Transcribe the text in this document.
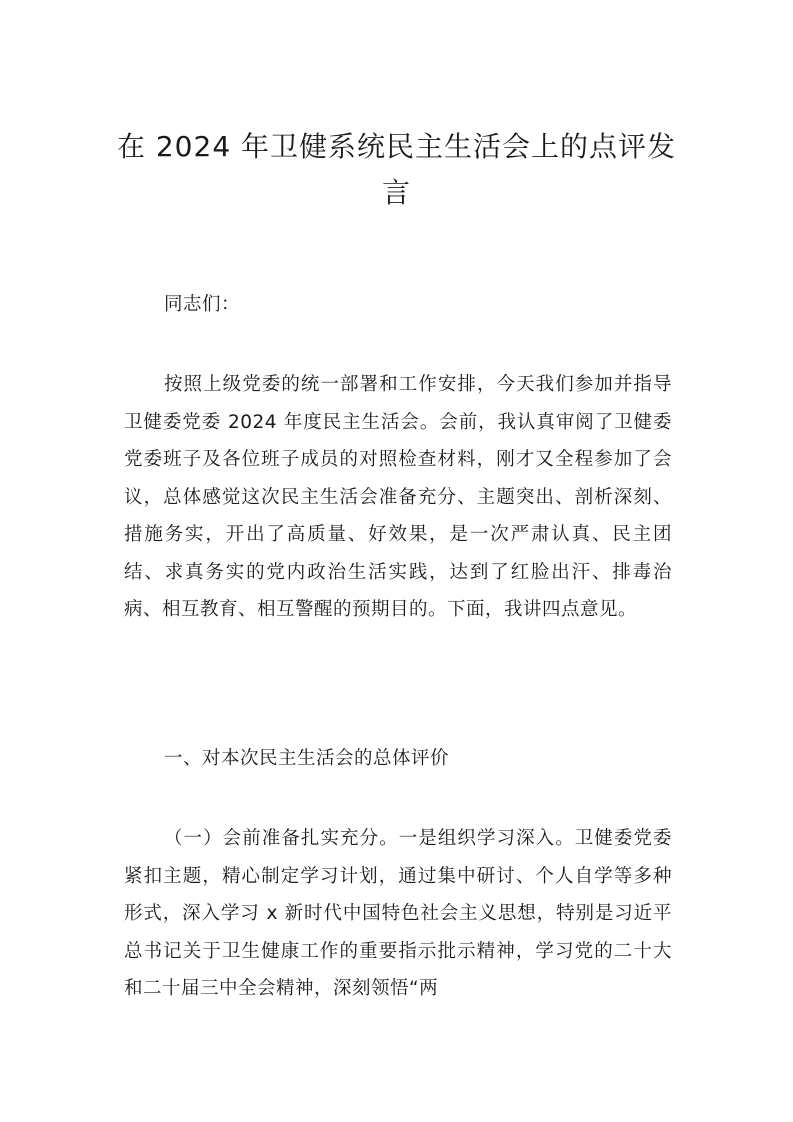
在 2024 年卫健系统民主生活会上的点评发
言

同志们：

按照上级党委的统一部署和工作安排，今天我们参加并指导卫健委党委 2024 年度民主生活会。会前，我认真审阅了卫健委党委班子及各位班子成员的对照检查材料，刚才又全程参加了会议，总体感觉这次民主生活会准备充分、主题突出、剖析深刻、措施务实，开出了高质量、好效果，是一次严肃认真、民主团结、求真务实的党内政治生活实践，达到了红脸出汗、排毒治病、相互教育、相互警醒的预期目的。下面，我讲四点意见。

一、对本次民主生活会的总体评价

（一）会前准备扎实充分。一是组织学习深入。卫健委党委紧扣主题，精心制定学习计划，通过集中研讨、个人自学等多种形式，深入学习 x 新时代中国特色社会主义思想，特别是习近平总书记关于卫生健康工作的重要指示批示精神，学习党的二十大和二十届三中全会精神，深刻领悟“两
